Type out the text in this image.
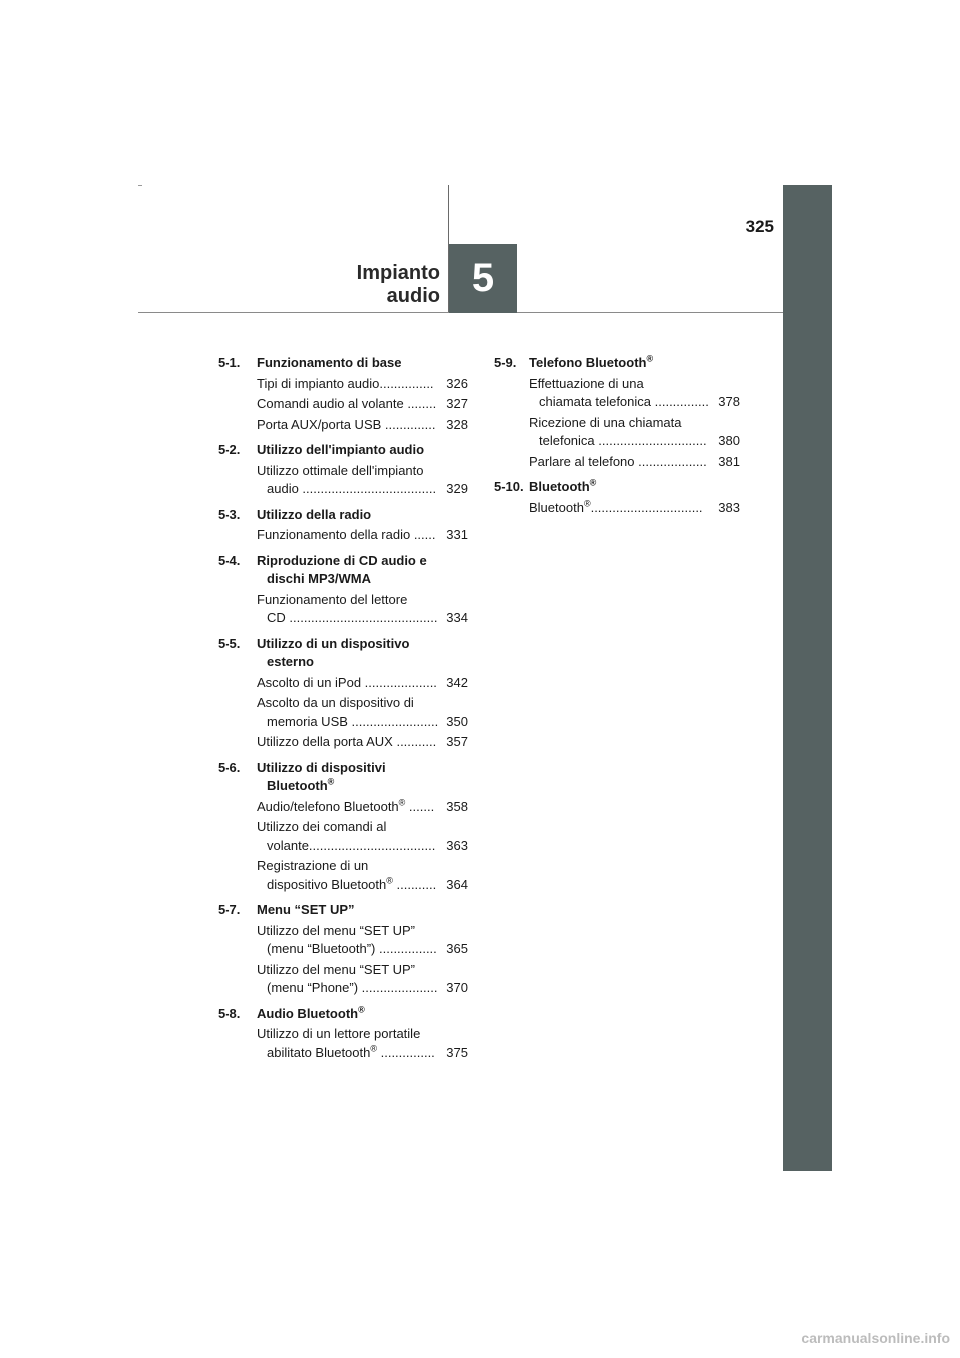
325
Impianto audio 5
5-1.	Funzionamento di base
Tipi di impianto audio............... 326
Comandi audio al volante ........ 327
Porta AUX/porta USB .............. 328
5-2.	Utilizzo dell'impianto audio
Utilizzo ottimale dell'impianto
audio ..................................... 329
5-3.	Utilizzo della radio
Funzionamento della radio ...... 331
5-4.	Riproduzione di CD audio e
dischi MP3/WMA
Funzionamento del lettore
CD ......................................... 334
5-5.	Utilizzo di un dispositivo
esterno
Ascolto di un iPod .................... 342
Ascolto da un dispositivo di
memoria USB ........................ 350
Utilizzo della porta AUX ........... 357
5-6.	Utilizzo di dispositivi
Bluetooth®
Audio/telefono Bluetooth® ....... 358
Utilizzo dei comandi al
volante................................... 363
Registrazione di un
dispositivo Bluetooth® ........... 364
5-7.	Menu “SET UP”
Utilizzo del menu “SET UP”
(menu “Bluetooth”) ................ 365
Utilizzo del menu “SET UP”
(menu “Phone”) ..................... 370
5-8.	Audio Bluetooth®
Utilizzo di un lettore portatile
abilitato Bluetooth® ............... 375
5-9. Telefono Bluetooth®
Effettuazione di una
chiamata telefonica ............... 378
Ricezione di una chiamata
telefonica .............................. 380
Parlare al telefono ................... 381
5-10. Bluetooth®
Bluetooth®...............................	383
carmanualsonline.info
